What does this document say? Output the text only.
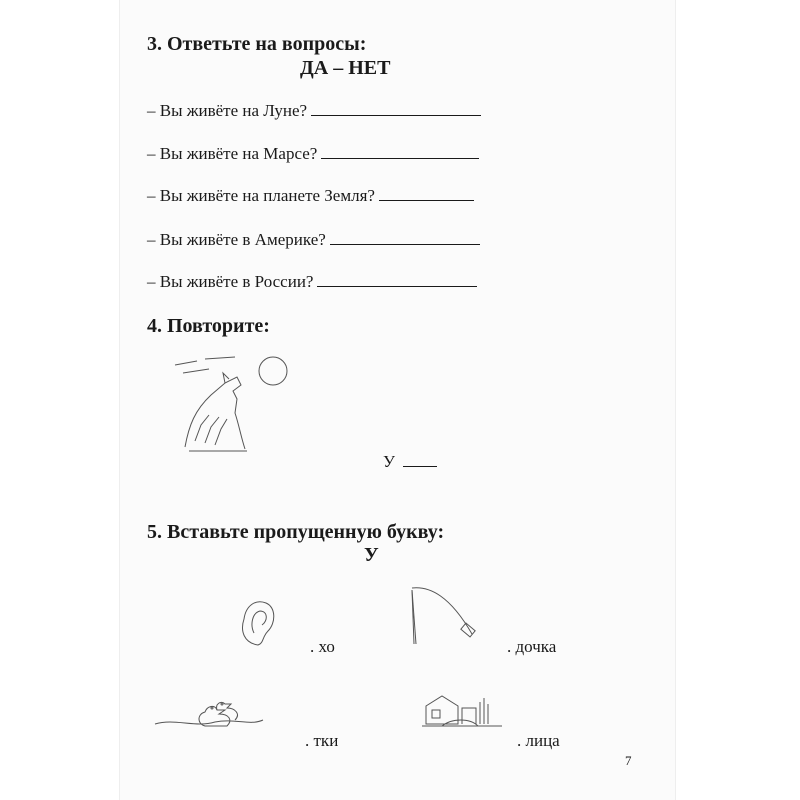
3. Ответьте на вопросы:
ДА – НЕТ
– Вы живёте на Луне?
– Вы живёте на Марсе?
– Вы живёте на планете Земля?
– Вы живёте в Америке?
– Вы живёте в России?
4. Повторите:
У
5. Вставьте пропущенную букву:
У
. хо	. дочка
. тки	. лица
7
